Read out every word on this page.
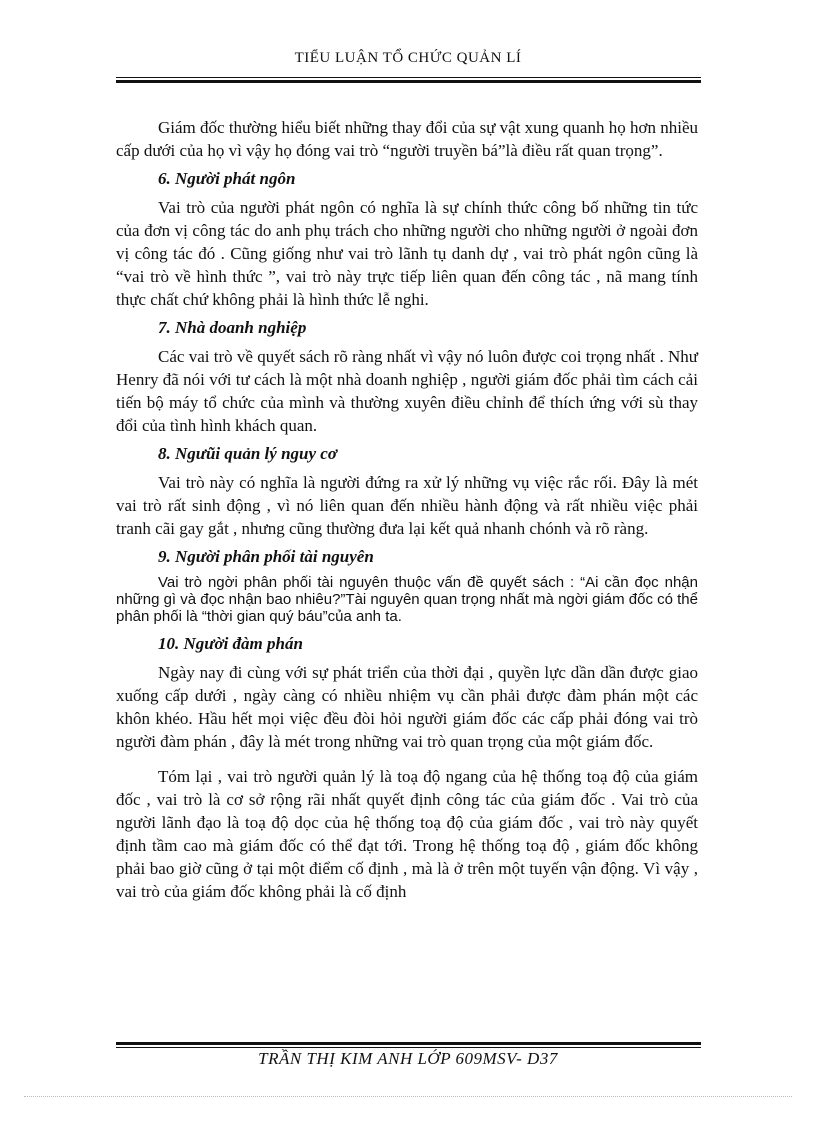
TIỂU LUẬN TỔ CHỨC QUẢN LÍ

Giám đốc thường hiểu biết những thay đổi của sự vật xung quanh họ hơn nhiều cấp dưới của họ vì vậy họ đóng vai trò “người truyền bá”là điều rất quan trọng”.

6. Người phát ngôn

Vai trò của người phát ngôn có nghĩa là sự chính thức công bố những tin tức của đơn vị công tác do anh phụ trách cho những người cho những người ở ngoài đơn vị công tác đó . Cũng giống như vai trò lãnh tụ danh dự , vai trò phát ngôn cũng là “vai trò về hình thức ”, vai trò này trực tiếp liên quan đến công tác , nã mang tính thực chất chứ không phải là hình thức lễ nghi.

7. Nhà doanh nghiệp

Các vai trò về quyết sách rõ ràng nhất vì vậy nó luôn được coi trọng nhất . Như Henry đã nói với tư cách là một nhà doanh nghiệp , người giám đốc phải tìm cách cải tiến bộ máy tổ chức của mình và thường xuyên điều chỉnh để thích ứng với sù thay đổi của tình hình khách quan.

8. Ngưũi quản lý nguy cơ

Vai trò này có nghĩa là người đứng ra xử lý những vụ việc rắc rối. Đây là mét vai trò rất sinh động , vì nó liên quan đến nhiều hành động và rất nhiều việc phải tranh cãi gay gắt , nhưng cũng thường đưa lại kết quả nhanh chónh và rõ ràng.

9. Người phân phối tài nguyên

Vai trò ngời phân phối tài nguyên thuộc vấn đề quyết sách : “Ai cần đọc nhận những gì và đọc nhận bao nhiêu?”Tài nguyên quan trọng nhất mà ngời giám đốc có thể phân phối là “thời gian quý báu”của anh ta.

10. Người đàm phán

Ngày nay đi cùng với sự phát triển của thời đại , quyền lực dần dần được giao xuống cấp dưới , ngày càng có nhiều nhiệm vụ cần phải được đàm phán một các khôn khéo. Hầu hết mọi việc đều đòi hỏi người giám đốc các cấp phải đóng vai trò người đàm phán , đây là mét trong những vai trò quan trọng của một giám đốc.

Tóm lại , vai trò người quản lý là toạ độ ngang của hệ thống toạ độ của giám đốc , vai trò là cơ sở rộng rãi nhất quyết định công tác của giám đốc . Vai trò của người lãnh đạo là toạ độ dọc của hệ thống toạ độ của giám đốc , vai trò này quyết định tầm cao mà giám đốc có thể đạt tới. Trong hệ thống toạ độ , giám đốc không phải bao giờ cũng ở tại một điểm cố định , mà là ở trên một tuyến vận động. Vì vậy , vai trò của giám đốc không phải là cố định

TRẦN THỊ KIM ANH LỚP 609MSV- D37
